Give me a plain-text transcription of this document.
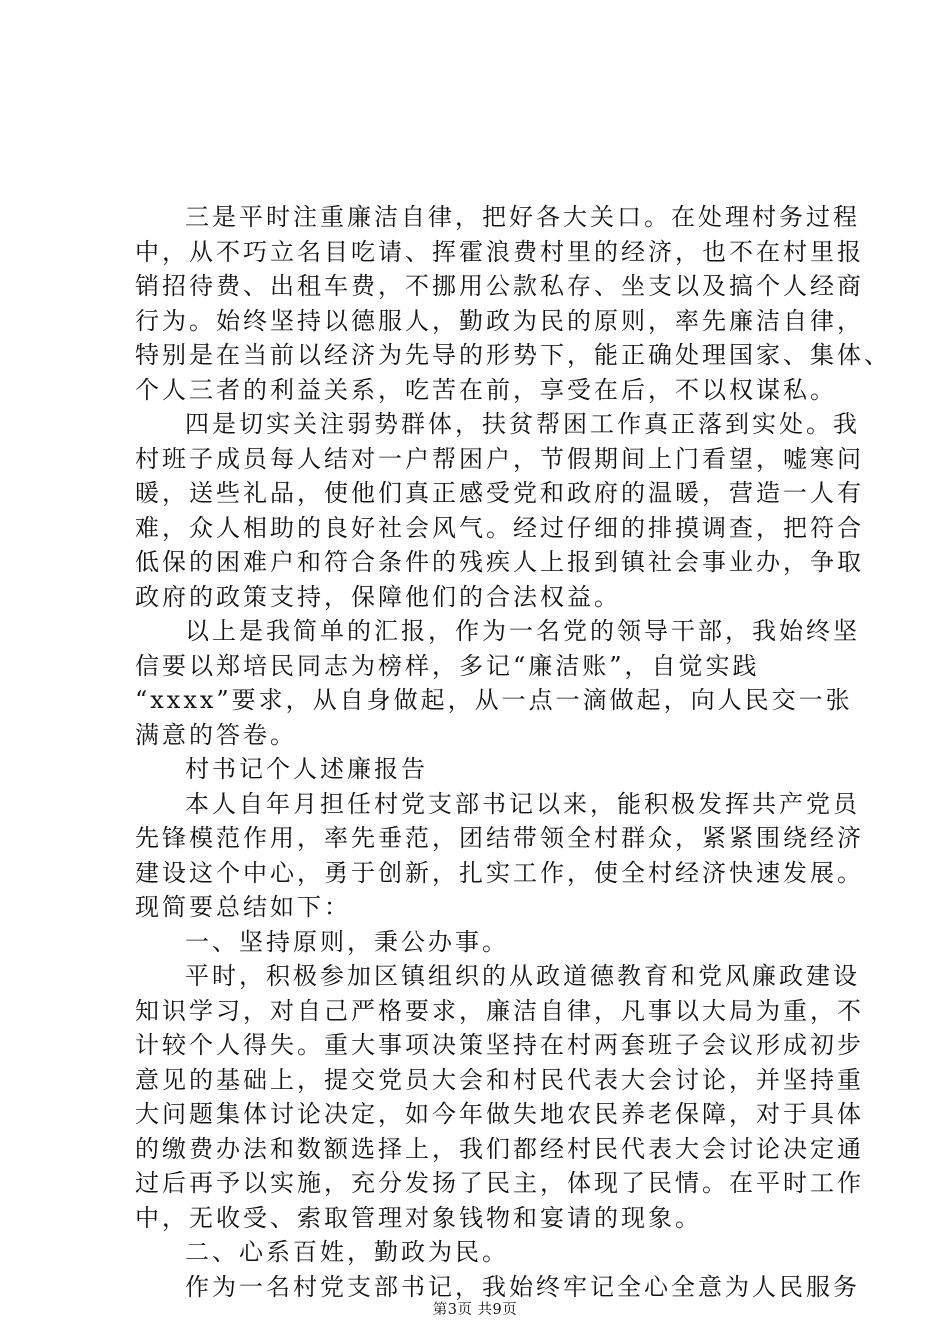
三是平时注重廉洁自律，把好各大关口。在处理村务过程
中，从不巧立名目吃请、挥霍浪费村里的经济，也不在村里报
销招待费、出租车费，不挪用公款私存、坐支以及搞个人经商
行为。始终坚持以德服人，勤政为民的原则，率先廉洁自律，
特别是在当前以经济为先导的形势下，能正确处理国家、集体、
个人三者的利益关系，吃苦在前，享受在后，不以权谋私。
四是切实关注弱势群体，扶贫帮困工作真正落到实处。我
村班子成员每人结对一户帮困户，节假期间上门看望，嘘寒问
暖，送些礼品，使他们真正感受党和政府的温暖，营造一人有
难，众人相助的良好社会风气。经过仔细的排摸调查，把符合
低保的困难户和符合条件的残疾人上报到镇社会事业办，争取
政府的政策支持，保障他们的合法权益。
以上是我简单的汇报，作为一名党的领导干部，我始终坚
信要以郑培民同志为榜样，多记“廉洁账”，自觉实践
“xxxx”要求，从自身做起，从一点一滴做起，向人民交一张
满意的答卷。
村书记个人述廉报告
本人自年月担任村党支部书记以来，能积极发挥共产党员
先锋模范作用，率先垂范，团结带领全村群众，紧紧围绕经济
建设这个中心，勇于创新，扎实工作，使全村经济快速发展。
现简要总结如下：
一、坚持原则，秉公办事。
平时，积极参加区镇组织的从政道德教育和党风廉政建设
知识学习，对自己严格要求，廉洁自律，凡事以大局为重，不
计较个人得失。重大事项决策坚持在村两套班子会议形成初步
意见的基础上，提交党员大会和村民代表大会讨论，并坚持重
大问题集体讨论决定，如今年做失地农民养老保障，对于具体
的缴费办法和数额选择上，我们都经村民代表大会讨论决定通
过后再予以实施，充分发扬了民主，体现了民情。在平时工作
中，无收受、索取管理对象钱物和宴请的现象。
二、心系百姓，勤政为民。
作为一名村党支部书记，我始终牢记全心全意为人民服务
第3页 共9页
